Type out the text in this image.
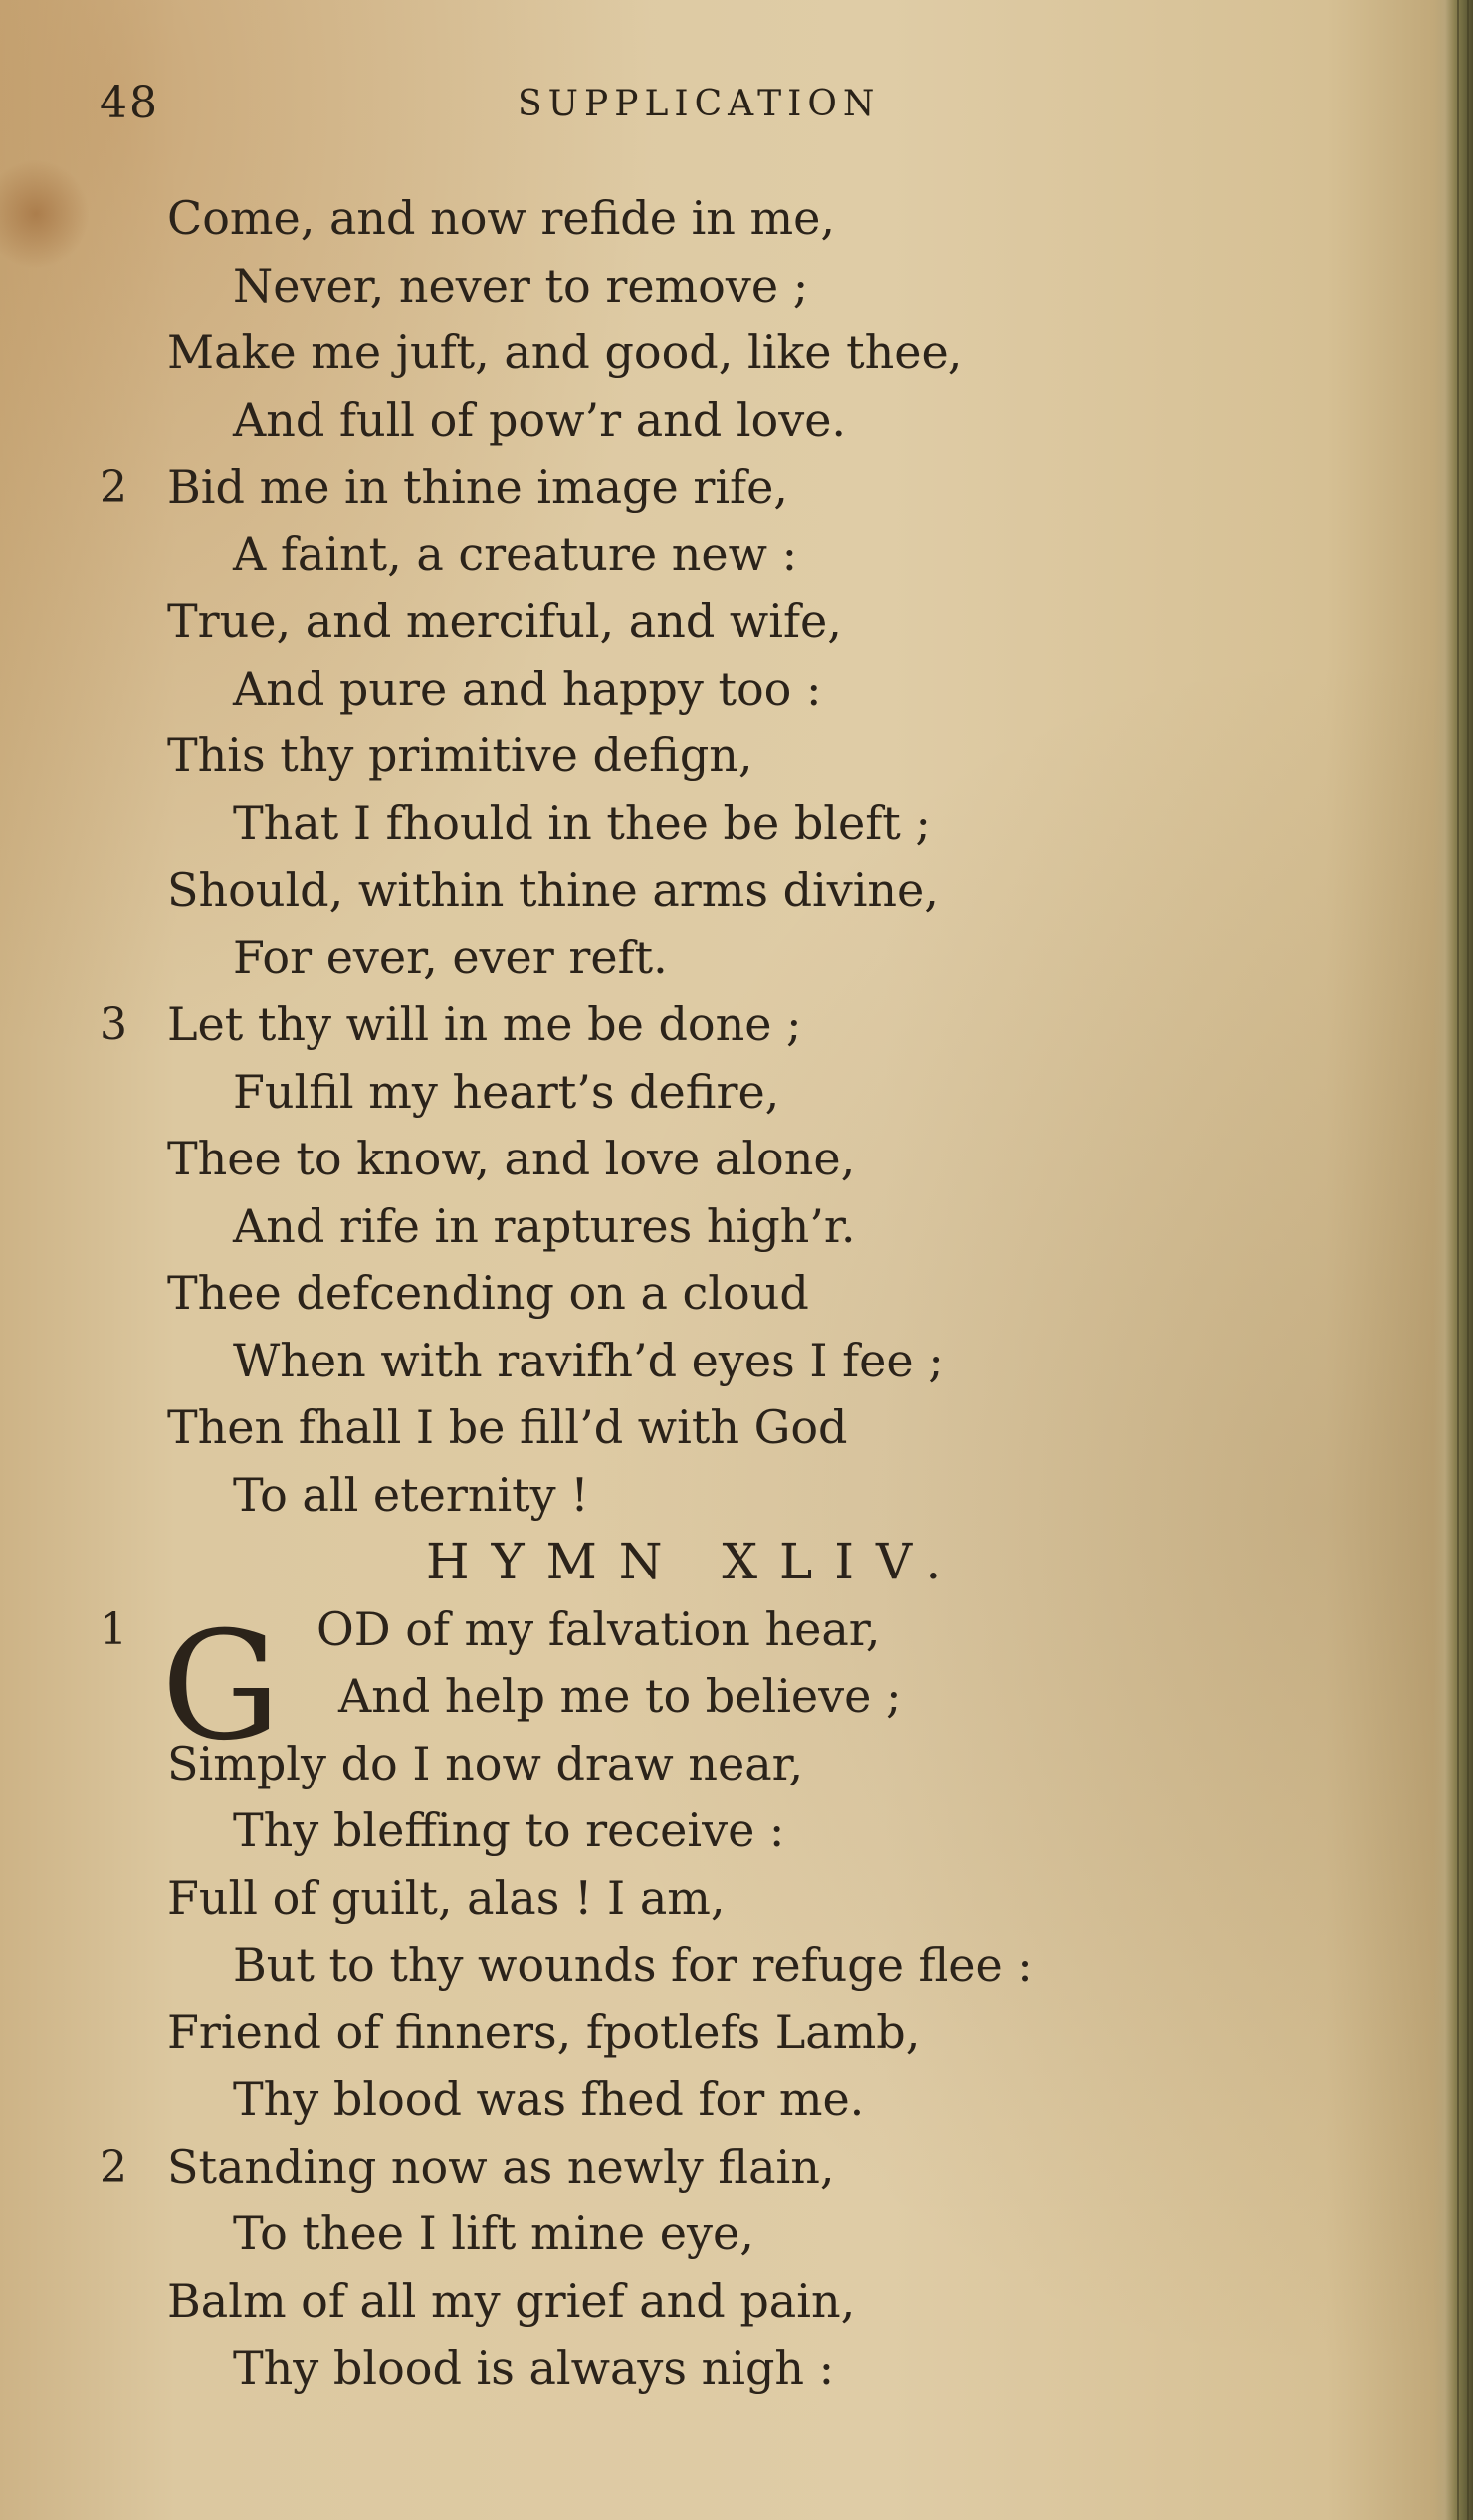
48	SUPPLICATION
Come, and now refide in me,
Never, never to remove ;
Make me juft, and good, like thee,
And full of pow’r and love.
2 Bid me in thine image rife,
A faint, a creature new :
True, and merciful, and wife,
And pure and happy too :
This thy primitive defign,
That I fhould in thee be bleft ;
Should, within thine arms divine,
For ever, ever reft.
3 Let thy will in me be done ;
Fulfil my heart’s defire,
Thee to know, and love alone,
And rife in raptures high’r.
Thee defcending on a cloud
When with ravifh’d eyes I fee ;
Then fhall I be fill’d with God
To all eternity !
HYMN XLIV.
1	OD of my falvation hear,
And help me to believe ;
Simply do I now draw near,
Thy bleffing to receive :
Full of guilt, alas ! I am,
But to thy wounds for refuge flee :
Friend of finners, fpotlefs Lamb,
Thy blood was fhed for me.
2 Standing now as newly flain,
To thee I lift mine eye,
Balm of all my grief and pain,
Thy blood is always nigh :
G
